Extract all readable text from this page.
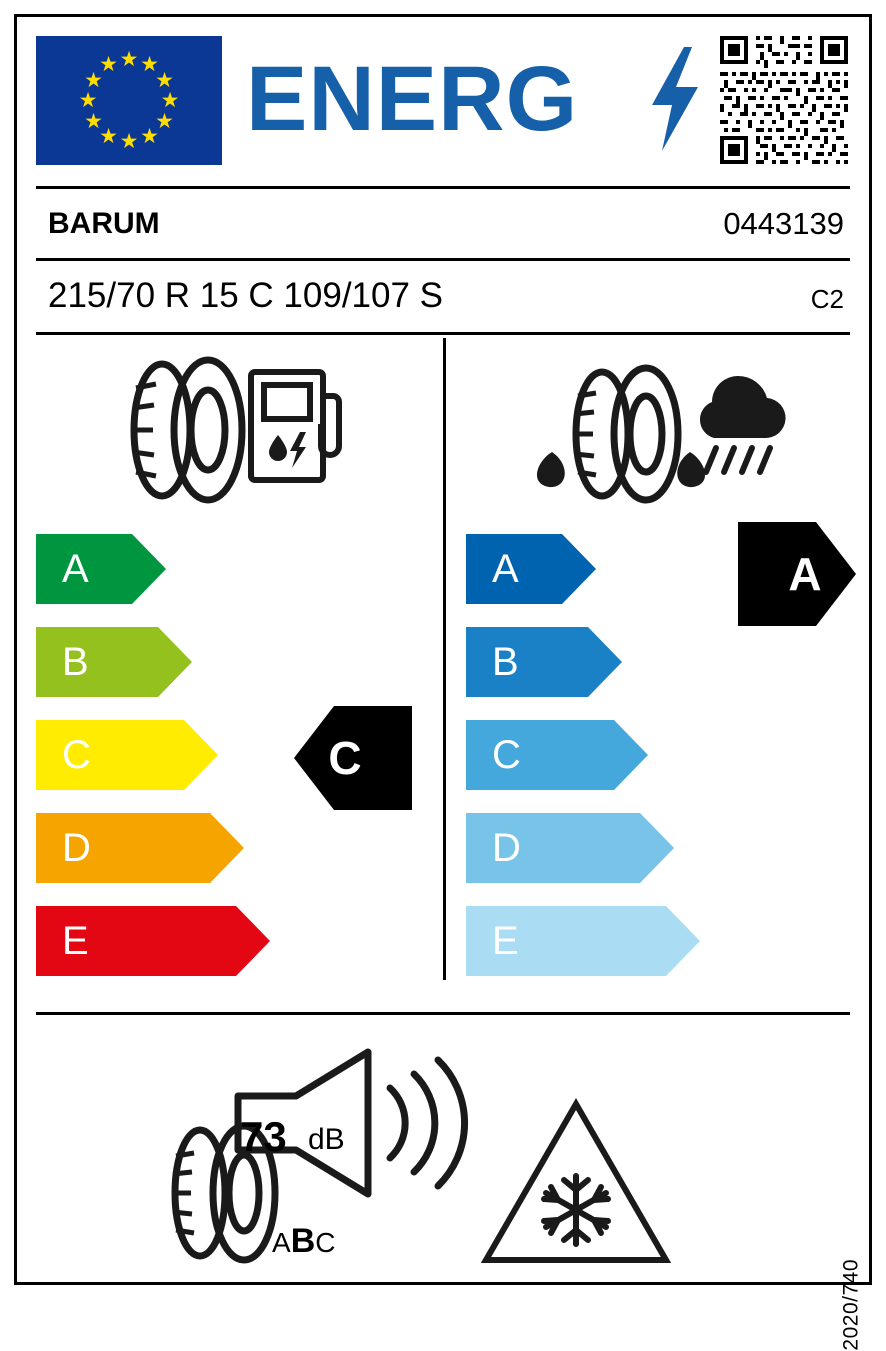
★ ★
★
★
★
★
★
★
★
★
★
★ ENERG
BARUM	0443139
215/70 R 15 C 109/107 S	C2
A
B
C
D
E
A
B
C
D
E
C
A
73 dB
ABC
2020/740
